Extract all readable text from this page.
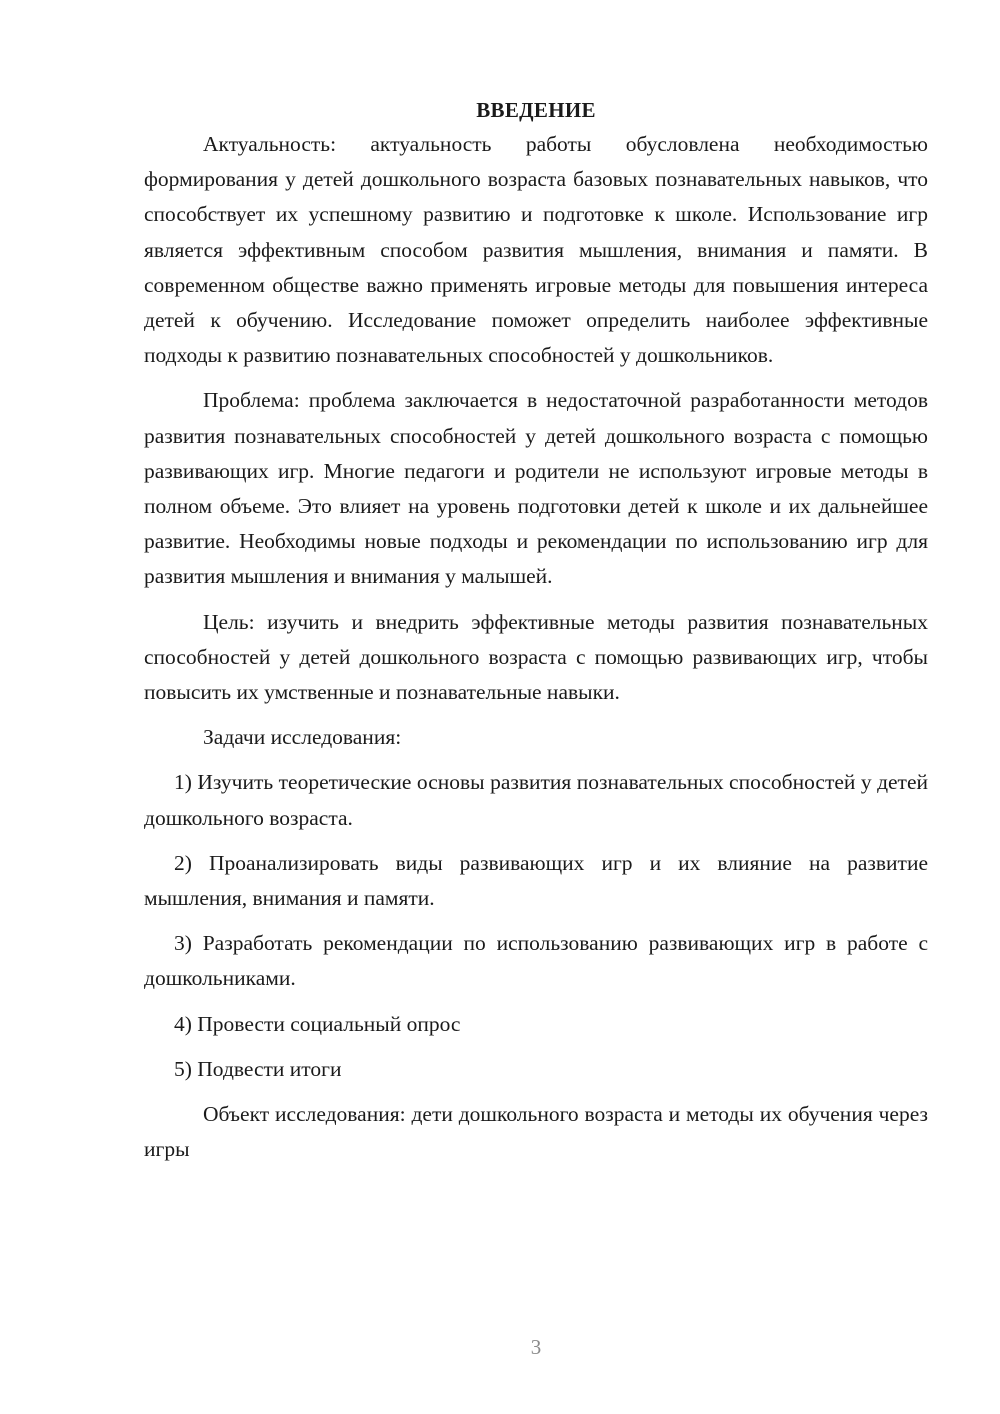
ВВЕДЕНИЕ

Актуальность: актуальность работы обусловлена необходимостью формирования у детей дошкольного возраста базовых познавательных навыков, что способствует их успешному развитию и подготовке к школе. Использование игр является эффективным способом развития мышления, внимания и памяти. В современном обществе важно применять игровые методы для повышения интереса детей к обучению. Исследование поможет определить наиболее эффективные подходы к развитию познавательных способностей у дошкольников.

Проблема: проблема заключается в недостаточной разработанности методов развития познавательных способностей у детей дошкольного возраста с помощью развивающих игр. Многие педагоги и родители не используют игровые методы в полном объеме. Это влияет на уровень подготовки детей к школе и их дальнейшее развитие. Необходимы новые подходы и рекомендации по использованию игр для развития мышления и внимания у малышей.

Цель: изучить и внедрить эффективные методы развития познавательных способностей у детей дошкольного возраста с помощью развивающих игр, чтобы повысить их умственные и познавательные навыки.

Задачи исследования:

1) Изучить теоретические основы развития познавательных способностей у детей дошкольного возраста.

2) Проанализировать виды развивающих игр и их влияние на развитие мышления, внимания и памяти.

3) Разработать рекомендации по использованию развивающих игр в работе с дошкольниками.

4) Провести социальный опрос

5) Подвести итоги

Объект исследования: дети дошкольного возраста и методы их обучения через игры

3
